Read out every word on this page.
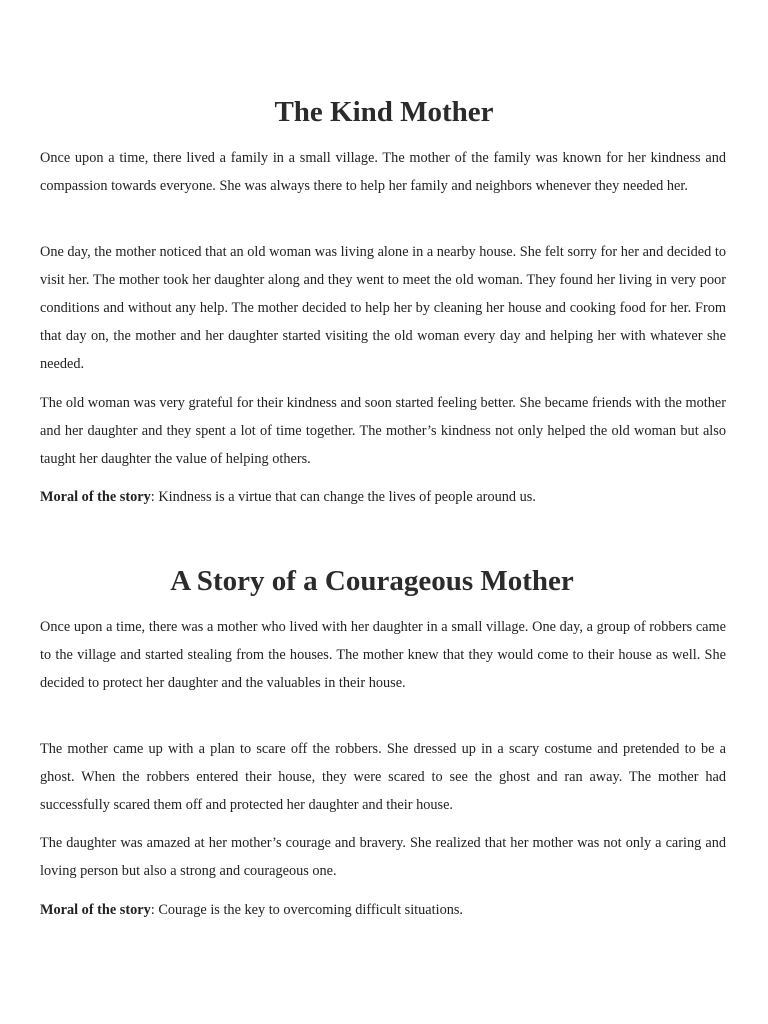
The Kind Mother

Once upon a time, there lived a family in a small village. The mother of the family was known for her kindness and compassion towards everyone. She was always there to help her family and neighbors whenever they needed her.

One day, the mother noticed that an old woman was living alone in a nearby house. She felt sorry for her and decided to visit her. The mother took her daughter along and they went to meet the old woman. They found her living in very poor conditions and without any help. The mother decided to help her by cleaning her house and cooking food for her. From that day on, the mother and her daughter started visiting the old woman every day and helping her with whatever she needed.

The old woman was very grateful for their kindness and soon started feeling better. She became friends with the mother and her daughter and they spent a lot of time together. The mother’s kindness not only helped the old woman but also taught her daughter the value of helping others.

Moral of the story: Kindness is a virtue that can change the lives of people around us.

A Story of a Courageous Mother

Once upon a time, there was a mother who lived with her daughter in a small village. One day, a group of robbers came to the village and started stealing from the houses. The mother knew that they would come to their house as well. She decided to protect her daughter and the valuables in their house.

The mother came up with a plan to scare off the robbers. She dressed up in a scary costume and pretended to be a ghost. When the robbers entered their house, they were scared to see the ghost and ran away. The mother had successfully scared them off and protected her daughter and their house.

The daughter was amazed at her mother’s courage and bravery. She realized that her mother was not only a caring and loving person but also a strong and courageous one.

Moral of the story: Courage is the key to overcoming difficult situations.
